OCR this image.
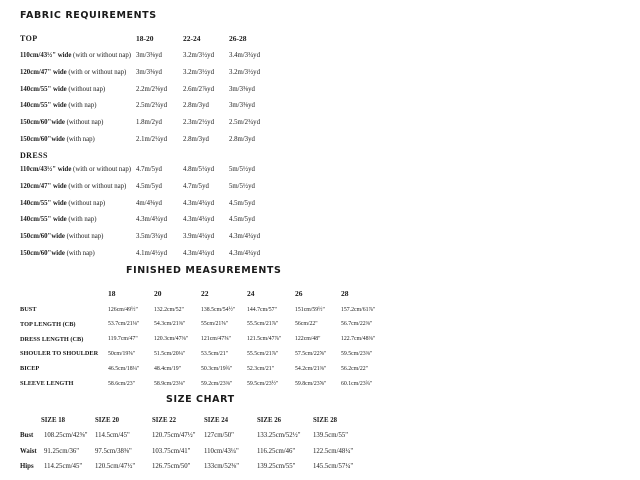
FABRIC REQUIREMENTS
FINISHED MEASUREMENTS
SIZE CHART
TOP	18-20	22-24	26-28
110cm/43½" wide (with or without nap) 3m/3⅜yd	3.2m/3½yd 3.4m/3¾yd
120cm/47" wide (with or without nap) 3m/3⅜yd	3.2m/3½yd 3.2m/3½yd
140cm/55" wide (without nap)	2.2m/2⅜yd 2.6m/2⅞yd 3m/3⅜yd
140cm/55" wide (with nap)	2.5m/2¾yd 2.8m/3yd	3m/3⅜yd
150cm/60"wide (without nap)	1.8m/2yd	2.3m/2½yd 2.5m/2¾yd
150cm/60"wide (with nap)	2.1m/2¼yd 2.8m/3yd	2.8m/3yd
DRESS
110cm/43½" wide (with or without nap) 4.7m/5yd	4.8m/5¼yd 5m/5½yd
120cm/47" wide (with or without nap) 4.5m/5yd	4.7m/5yd	5m/5½yd
140cm/55" wide (without nap)	4m/4⅜yd	4.3m/4¾yd 4.5m/5yd
140cm/55" wide (with nap)	4.3m/4¾yd 4.3m/4¾yd 4.5m/5yd
150cm/60"wide (without nap)	3.5m/3¾yd 3.9m/4¼yd 4.3m/4¾yd
150cm/60"wide (with nap)	4.1m/4½yd 4.3m/4¾yd 4.3m/4¾yd
18	20	22	24	26	28
BUST	126cm/49½"	132.2cm/52"	138.5cm/54½" 144.7cm/57"	151cm/59½"	157.2cm/61⅞"
TOP LENGTH (CB)	53.7cm/21⅛"	54.3cm/21⅜"	55cm/21⅝"	55.5cm/21⅞"	56cm/22"	56.7cm/22⅜"
DRESS LENGTH (CB)	119.7cm/47"	120.3cm/47⅜" 121cm/47⅝"	121.5cm/47⅞" 122cm/48"	122.7cm/48⅜"
SHOULER TO SHOULDER 50cm/19⅝"	51.5cm/20¼"	53.5cm/21"	55.5cm/21⅞"	57.5cm/22⅝"	59.5cm/23⅜"
BICEP	46.5cm/18¼"	48.4cm/19"	50.3cm/19¾"	52.3cm/21"	54.2cm/21⅜"	56.2cm/22"
SLEEVE LENGTH	58.6cm/23"	58.9cm/23⅛"	59.2cm/23⅜"	59.5cm/23½"	59.8cm/23⅝"	60.1cm/23¾"
SIZE 18	SIZE 20	SIZE 22	SIZE 24	SIZE 26	SIZE 28
Bust 108.25cm/42⅝" 114.5cm/45"	120.75cm/47½" 127cm/50"	133.25cm/52½" 139.5cm/55"
Waist 91.25cm/36" 97.5cm/38⅜"	103.75cm/41" 110cm/43¼"	116.25cm/46"	122.5cm/48¼"
Hips 114.25cm/45" 120.5cm/47½" 126.75cm/50" 133cm/52⅜"	139.25cm/55"	145.5cm/57¼"
